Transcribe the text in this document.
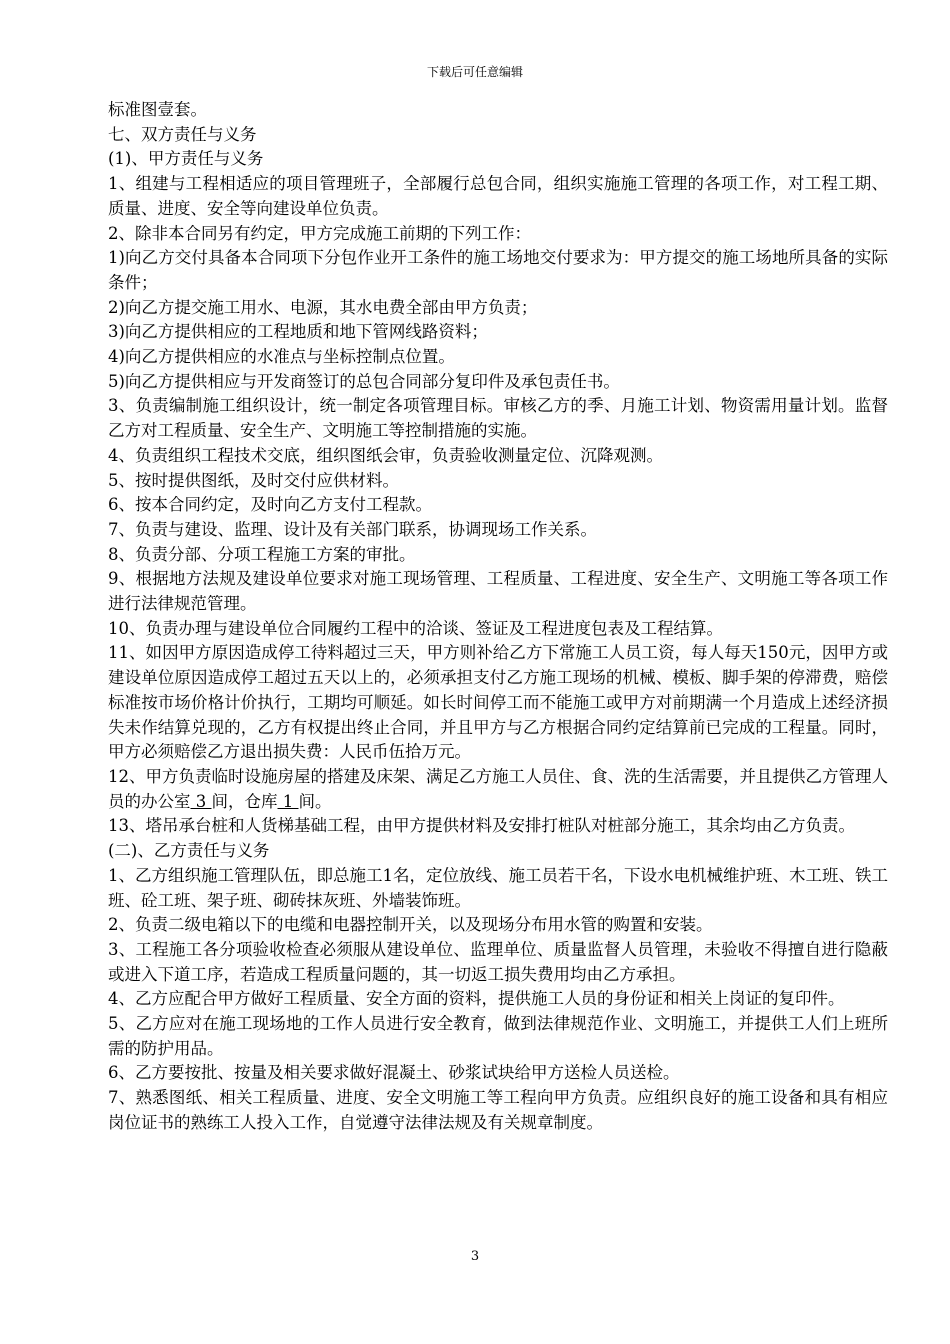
下载后可任意编辑

标准图壹套。

七、双方责任与义务

(1)、甲方责任与义务

1、组建与工程相适应的项目管理班子，全部履行总包合同，组织实施施工管理的各项工作，对工程工期、质量、进度、安全等向建设单位负责。

2、除非本合同另有约定，甲方完成施工前期的下列工作：

1)向乙方交付具备本合同项下分包作业开工条件的施工场地交付要求为：甲方提交的施工场地所具备的实际条件；

2)向乙方提交施工用水、电源，其水电费全部由甲方负责；

3)向乙方提供相应的工程地质和地下管网线路资料；

4)向乙方提供相应的水准点与坐标控制点位置。

5)向乙方提供相应与开发商签订的总包合同部分复印件及承包责任书。

3、负责编制施工组织设计，统一制定各项管理目标。审核乙方的季、月施工计划、物资需用量计划。监督乙方对工程质量、安全生产、文明施工等控制措施的实施。

4、负责组织工程技术交底，组织图纸会审，负责验收测量定位、沉降观测。

5、按时提供图纸，及时交付应供材料。

6、按本合同约定，及时向乙方支付工程款。

7、负责与建设、监理、设计及有关部门联系，协调现场工作关系。

8、负责分部、分项工程施工方案的审批。

9、根据地方法规及建设单位要求对施工现场管理、工程质量、工程进度、安全生产、文明施工等各项工作进行法律规范管理。

10、负责办理与建设单位合同履约工程中的洽谈、签证及工程进度包表及工程结算。

11、如因甲方原因造成停工待料超过三天，甲方则补给乙方下常施工人员工资，每人每天150元，因甲方或建设单位原因造成停工超过五天以上的，必须承担支付乙方施工现场的机械、模板、脚手架的停滞费，赔偿标准按市场价格计价执行，工期均可顺延。如长时间停工而不能施工或甲方对前期满一个月造成上述经济损失未作结算兑现的，乙方有权提出终止合同，并且甲方与乙方根据合同约定结算前已完成的工程量。同时，甲方必须赔偿乙方退出损失费：人民币伍拾万元。

12、甲方负责临时设施房屋的搭建及床架、满足乙方施工人员住、食、洗的生活需要，并且提供乙方管理人员的办公室 3 间，仓库 1 间。

13、塔吊承台桩和人货梯基础工程，由甲方提供材料及安排打桩队对桩部分施工，其余均由乙方负责。

(二)、乙方责任与义务

1、乙方组织施工管理队伍，即总施工1名，定位放线、施工员若干名，下设水电机械维护班、木工班、铁工班、砼工班、架子班、砌砖抹灰班、外墙装饰班。

2、负责二级电箱以下的电缆和电器控制开关，以及现场分布用水管的购置和安装。

3、工程施工各分项验收检查必须服从建设单位、监理单位、质量监督人员管理，未验收不得擅自进行隐蔽或进入下道工序，若造成工程质量问题的，其一切返工损失费用均由乙方承担。

4、乙方应配合甲方做好工程质量、安全方面的资料，提供施工人员的身份证和相关上岗证的复印件。

5、乙方应对在施工现场地的工作人员进行安全教育，做到法律规范作业、文明施工，并提供工人们上班所需的防护用品。

6、乙方要按批、按量及相关要求做好混凝土、砂浆试块给甲方送检人员送检。

7、熟悉图纸、相关工程质量、进度、安全文明施工等工程向甲方负责。应组织良好的施工设备和具有相应岗位证书的熟练工人投入工作，自觉遵守法律法规及有关规章制度。

3
